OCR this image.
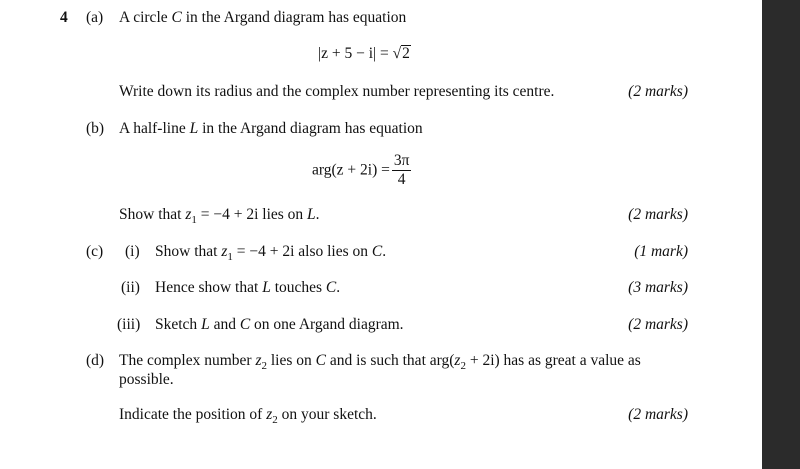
4 (a) A circle C in the Argand diagram has equation
|z + 5 − i| = √2
Write down its radius and the complex number representing its centre.	(2 marks)
(b) A half-line L in the Argand diagram has equation
$arg(z + 2i) = \frac{3\pi}{4}$
Show that $z_1 = -4 + 2i$ lies on L.	(2 marks)
(c) (i) Show that $z_1 = -4 + 2i$ also lies on C.	(1 mark)
(ii) Hence show that L touches C.	(3 marks)
(iii) Sketch L and C on one Argand diagram.	(2 marks)
(d) The complex number $z_2$ lies on C and is such that $arg(z_2 + 2i)$ has as great a value as
possible.
Indicate the position of $z_2$ on your sketch.	(2 marks)
